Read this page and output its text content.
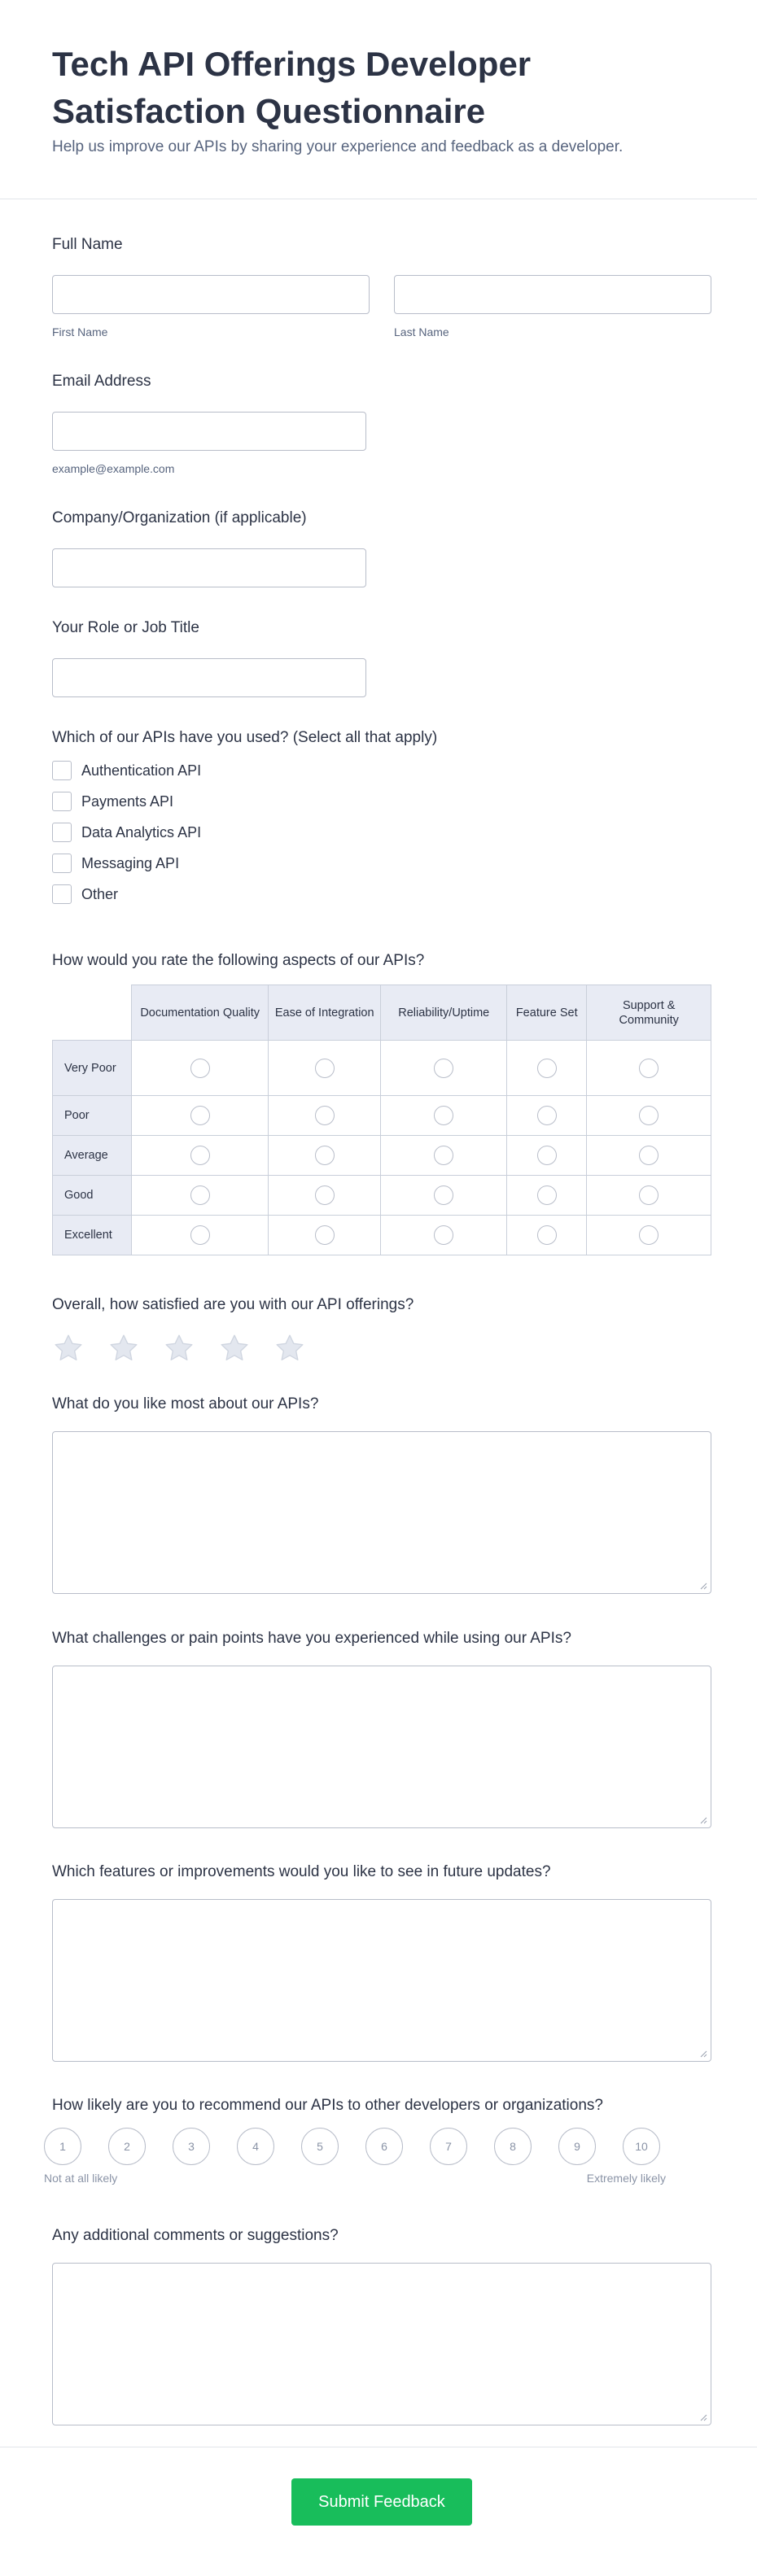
Tech API Offerings Developer Satisfaction Questionnaire

Help us improve our APIs by sharing your experience and feedback as a developer.

Full Name
First Name	Last Name
Email Address
example@example.com
Company/Organization (if applicable)
Your Role or Job Title
Which of our APIs have you used? (Select all that apply)
Authentication API
Payments API
Data Analytics API
Messaging API
Other
How would you rate the following aspects of our APIs?
	Documentation Quality	Ease of Integration	Reliability/Uptime	Feature Set	Support & Community
Very Poor					
Poor					
Average					
Good					
Excellent					
Overall, how satisfied are you with our API offerings?
What do you like most about our APIs?
What challenges or pain points have you experienced while using our APIs?
Which features or improvements would you like to see in future updates?
How likely are you to recommend our APIs to other developers or organizations?
1	2	3	4	5	6	7	8	9	10
Not at all likely	Extremely likely
Any additional comments or suggestions?
Submit Feedback
